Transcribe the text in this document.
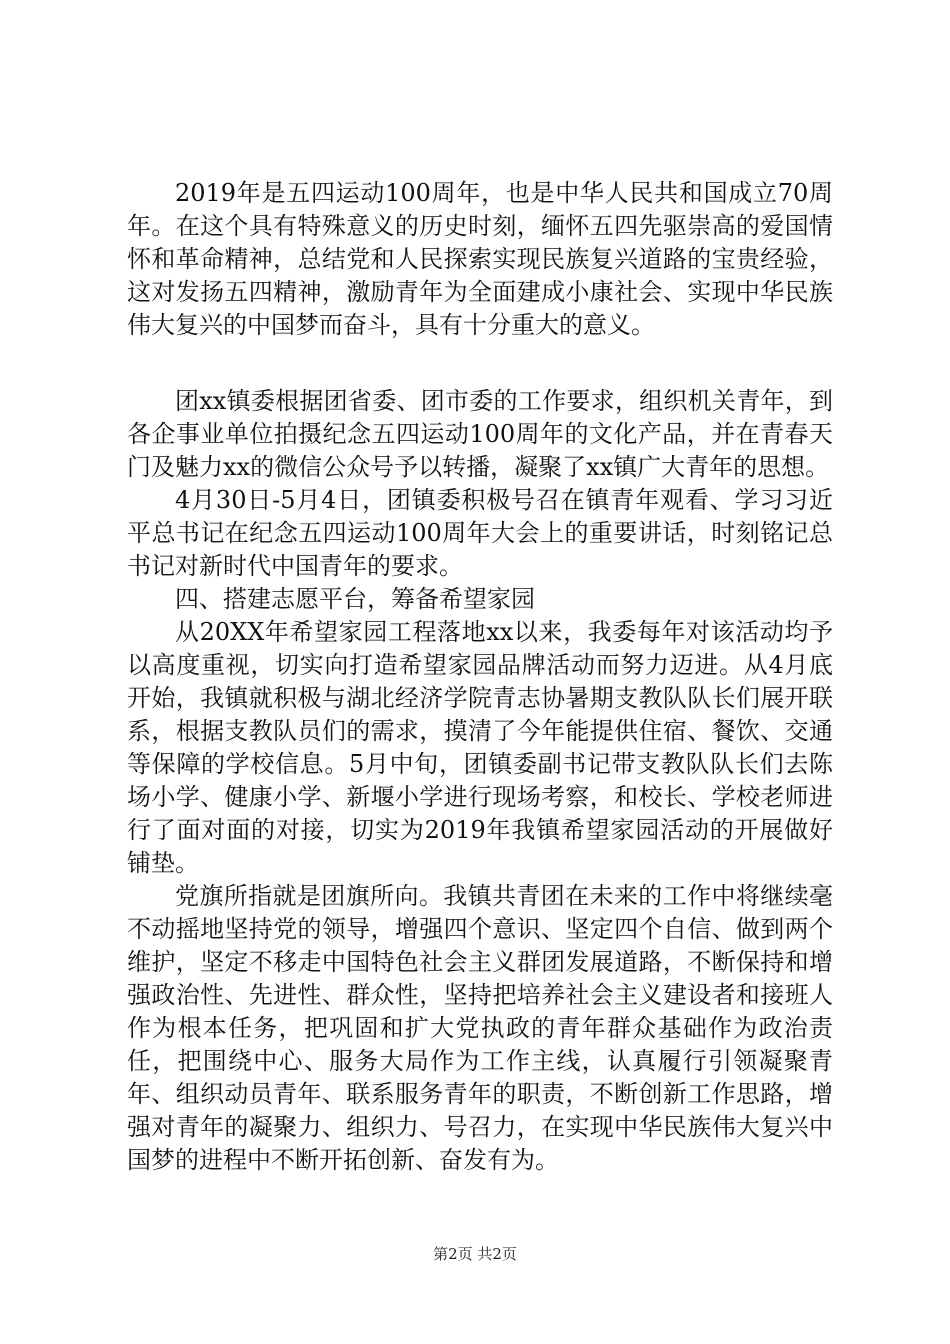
2019年是五四运动100周年，也是中华人民共和国成立70周年。在这个具有特殊意义的历史时刻，缅怀五四先驱崇高的爱国情怀和革命精神，总结党和人民探索实现民族复兴道路的宝贵经验，这对发扬五四精神，激励青年为全面建成小康社会、实现中华民族伟大复兴的中国梦而奋斗，具有十分重大的意义。

团xx镇委根据团省委、团市委的工作要求，组织机关青年，到各企事业单位拍摄纪念五四运动100周年的文化产品，并在青春天门及魅力xx的微信公众号予以转播，凝聚了xx镇广大青年的思想。

4月30日-5月4日，团镇委积极号召在镇青年观看、学习习近平总书记在纪念五四运动100周年大会上的重要讲话，时刻铭记总书记对新时代中国青年的要求。

四、搭建志愿平台，筹备希望家园

从20XX年希望家园工程落地xx以来，我委每年对该活动均予以高度重视，切实向打造希望家园品牌活动而努力迈进。从4月底开始，我镇就积极与湖北经济学院青志协暑期支教队队长们展开联系，根据支教队员们的需求，摸清了今年能提供住宿、餐饮、交通等保障的学校信息。5月中旬，团镇委副书记带支教队队长们去陈场小学、健康小学、新堰小学进行现场考察，和校长、学校老师进行了面对面的对接，切实为2019年我镇希望家园活动的开展做好铺垫。

党旗所指就是团旗所向。我镇共青团在未来的工作中将继续毫不动摇地坚持党的领导，增强四个意识、坚定四个自信、做到两个维护，坚定不移走中国特色社会主义群团发展道路，不断保持和增强政治性、先进性、群众性，坚持把培养社会主义建设者和接班人作为根本任务，把巩固和扩大党执政的青年群众基础作为政治责任，把围绕中心、服务大局作为工作主线，认真履行引领凝聚青年、组织动员青年、联系服务青年的职责，不断创新工作思路，增强对青年的凝聚力、组织力、号召力，在实现中华民族伟大复兴中国梦的进程中不断开拓创新、奋发有为。

第2页 共2页
